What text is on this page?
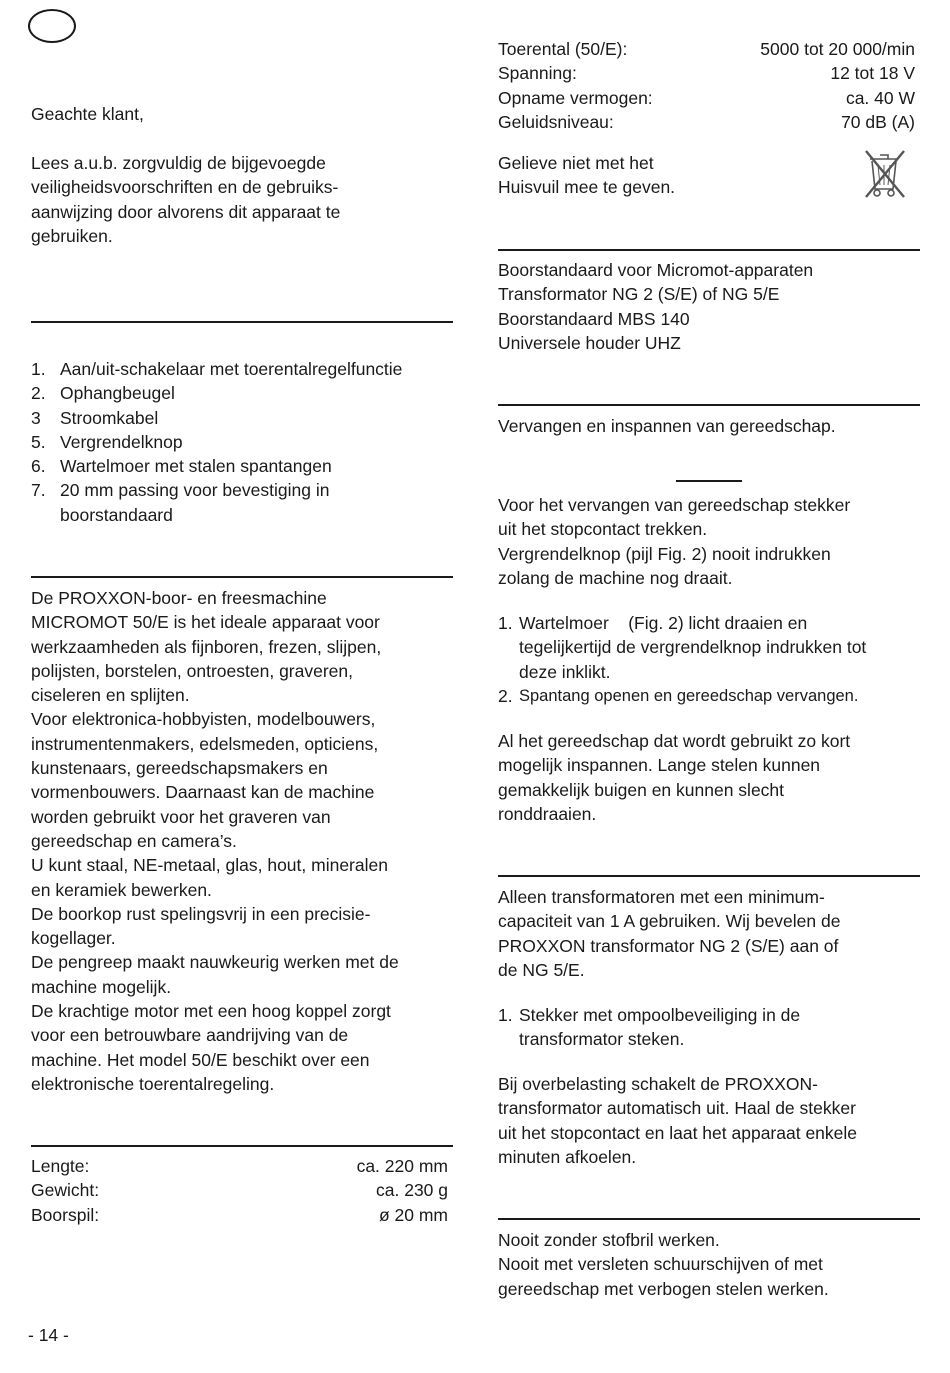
Geachte klant,

Lees a.u.b. zorgvuldig de bijgevoegde

veiligheidsvoorschriften en de gebruiks-

aanwijzing door alvorens dit apparaat te

gebruiken.

1. Aan/uit-schakelaar met toerentalregelfunctie
2. Ophangbeugel
3	Stroomkabel
5. Vergrendelknop
6. Wartelmoer met stalen spantangen
7. 20 mm passing voor bevestiging in
boorstandaard

De PROXXON-boor- en freesmachine

MICROMOT 50/E is het ideale apparaat voor

werkzaamheden als fijnboren, frezen, slijpen,

polijsten, borstelen, ontroesten, graveren,

ciseleren en splijten.

Voor elektronica-hobbyisten, modelbouwers,

instrumentenmakers, edelsmeden, opticiens,

kunstenaars, gereedschapsmakers en

vormenbouwers. Daarnaast kan de machine

worden gebruikt voor het graveren van

gereedschap en camera’s.

U kunt staal, NE-metaal, glas, hout, mineralen

en keramiek bewerken.

De boorkop rust spelingsvrij in een precisie-

kogellager.

De pengreep maakt nauwkeurig werken met de

machine mogelijk.

De krachtige motor met een hoog koppel zorgt

voor een betrouwbare aandrijving van de

machine. Het model 50/E beschikt over een

elektronische toerentalregeling.

Lengte:	ca. 220 mm
Gewicht:	ca. 230 g
Boorspil:	ø 20 mm
- 14 -
Toerental (50/E):	5000 tot 20 000/min
Spanning:	12 tot 18 V
Opname vermogen:	ca. 40 W
Geluidsniveau:	70 dB (A)

Gelieve niet met het

Huisvuil mee te geven.

Boorstandaard voor Micromot-apparaten

Transformator NG 2 (S/E) of NG 5/E

Boorstandaard MBS 140

Universele houder UHZ

Vervangen en inspannen van gereedschap.

Voor het vervangen van gereedschap stekker

uit het stopcontact trekken.

Vergrendelknop (pijl Fig. 2) nooit indrukken

zolang de machine nog draait.

1. Wartelmoer    (Fig. 2) licht draaien en
tegelijkertijd de vergrendelknop indrukken tot
deze inklikt.
2. Spantang openen en gereedschap vervangen.

Al het gereedschap dat wordt gebruikt zo kort

mogelijk inspannen. Lange stelen kunnen

gemakkelijk buigen en kunnen slecht

ronddraaien.

Alleen transformatoren met een minimum-

capaciteit van 1 A gebruiken. Wij bevelen de

PROXXON transformator NG 2 (S/E) aan of

de NG 5/E.

1. Stekker met ompoolbeveiliging in de
transformator steken.

Bij overbelasting schakelt de PROXXON-

transformator automatisch uit. Haal de stekker

uit het stopcontact en laat het apparaat enkele

minuten afkoelen.

Nooit zonder stofbril werken.

Nooit met versleten schuurschijven of met

gereedschap met verbogen stelen werken.
